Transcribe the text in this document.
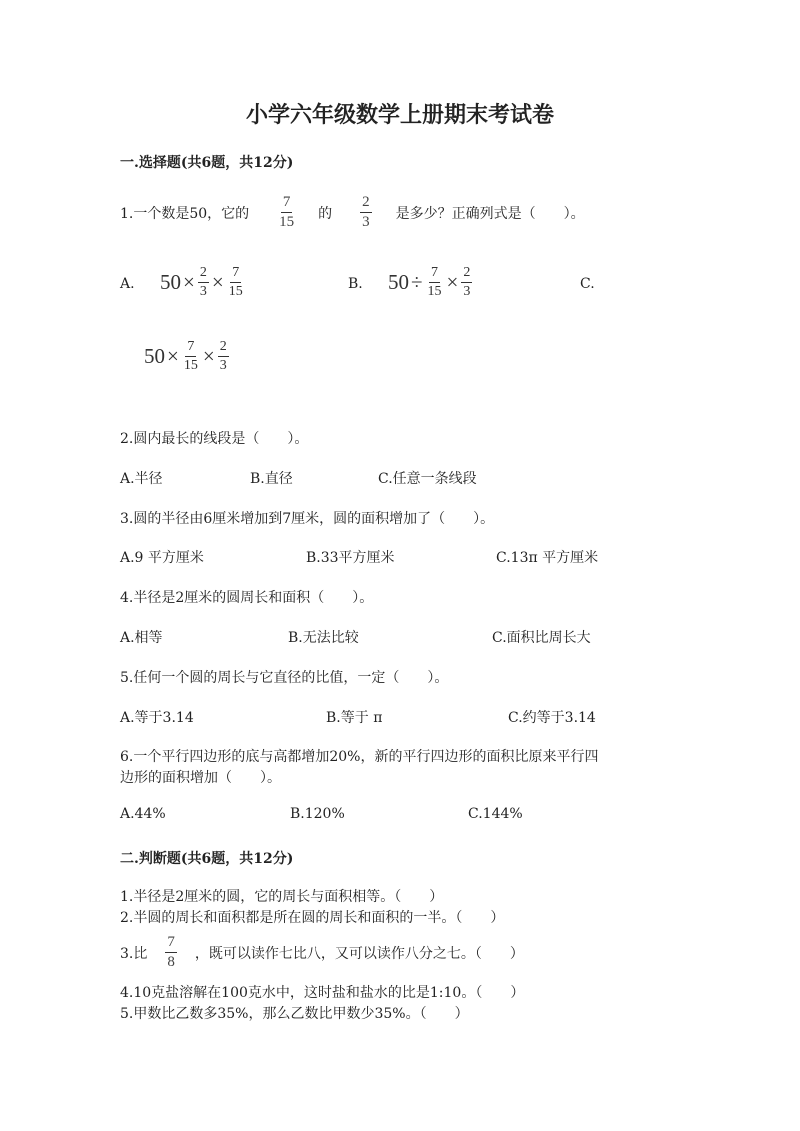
小学六年级数学上册期末考试卷
一.选择题(共6题，共12分)
1.一个数是50，它的 $\frac{7}{15}$ 的 $\frac{2}{3}$ 是多少？正确列式是（　　）。
A. $50 \times \frac{2}{3} \times \frac{7}{15}$	B. $50 \div \frac{7}{15} \times \frac{2}{3}$	C.
$50 \times \frac{7}{15} \times \frac{2}{3}$
2.圆内最长的线段是（　　）。
A.半径	B.直径	C.任意一条线段
3.圆的半径由6厘米增加到7厘米，圆的面积增加了（　　）。
A.9 平方厘米	B.33平方厘米	C.13π 平方厘米
4.半径是2厘米的圆周长和面积（　　）。
A.相等	B.无法比较	C.面积比周长大
5.任何一个圆的周长与它直径的比值，一定（　　）。
A.等于3.14	B.等于 π	C.约等于3.14
6.一个平行四边形的底与高都增加20%，新的平行四边形的面积比原来平行四
边形的面积增加（　　）。
A.44%	B.120%	C.144%
二.判断题(共6题，共12分)
1.半径是2厘米的圆，它的周长与面积相等。（　　）
2.半圆的周长和面积都是所在圆的周长和面积的一半。（　　）
3.比 $\frac{7}{8}$ ，既可以读作七比八，又可以读作八分之七。（　　）
4.10克盐溶解在100克水中，这时盐和盐水的比是1:10。（　　）
5.甲数比乙数多35%，那么乙数比甲数少35%。（　　）
